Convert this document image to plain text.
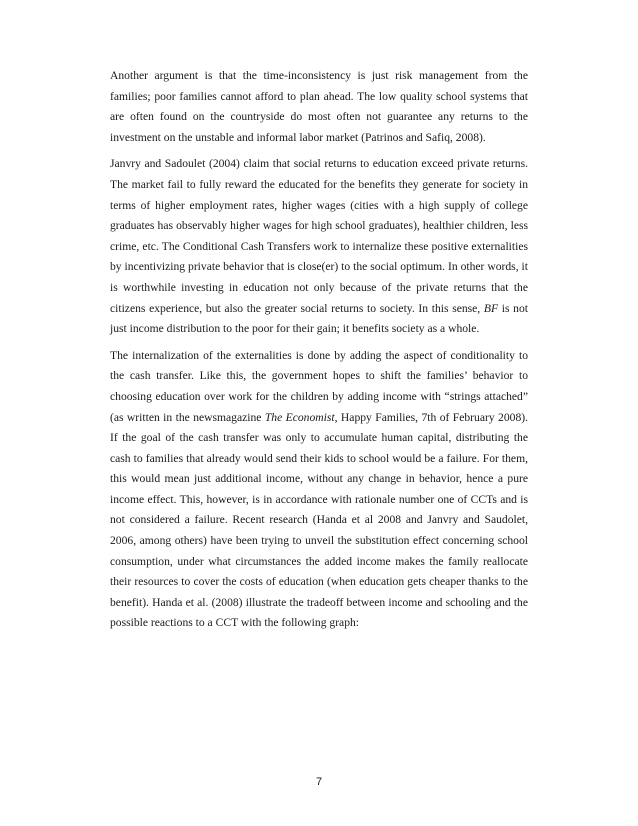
Another argument is that the time-inconsistency is just risk management from the families; poor families cannot afford to plan ahead. The low quality school systems that are often found on the countryside do most often not guarantee any returns to the investment on the unstable and informal labor market (Patrinos and Safiq, 2008).

Janvry and Sadoulet (2004) claim that social returns to education exceed private returns. The market fail to fully reward the educated for the benefits they generate for society in terms of higher employment rates, higher wages (cities with a high supply of college graduates has observably higher wages for high school graduates), healthier children, less crime, etc. The Conditional Cash Transfers work to internalize these positive externalities by incentivizing private behavior that is close(er) to the social optimum. In other words, it is worthwhile investing in education not only because of the private returns that the citizens experience, but also the greater social returns to society. In this sense, BF is not just income distribution to the poor for their gain; it benefits society as a whole.

The internalization of the externalities is done by adding the aspect of conditionality to the cash transfer. Like this, the government hopes to shift the families’ behavior to choosing education over work for the children by adding income with “strings attached” (as written in the newsmagazine The Economist, Happy Families, 7th of February 2008). If the goal of the cash transfer was only to accumulate human capital, distributing the cash to families that already would send their kids to school would be a failure. For them, this would mean just additional income, without any change in behavior, hence a pure income effect. This, however, is in accordance with rationale number one of CCTs and is not considered a failure. Recent research (Handa et al 2008 and Janvry and Saudolet, 2006, among others) have been trying to unveil the substitution effect concerning school consumption, under what circumstances the added income makes the family reallocate their resources to cover the costs of education (when education gets cheaper thanks to the benefit). Handa et al. (2008) illustrate the tradeoff between income and schooling and the possible reactions to a CCT with the following graph:

7
